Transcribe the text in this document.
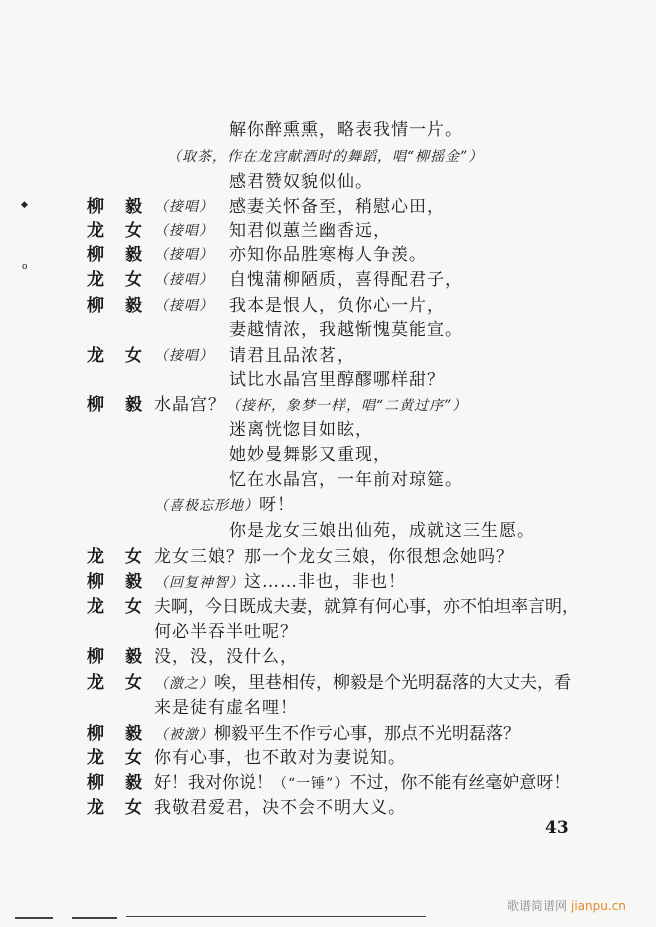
◆
o
解你醉熏熏，略表我情一片。
（取茶，作在龙宫献酒时的舞蹈，唱“柳摇金”）
感君赞奴貌似仙。
柳 毅 （接唱） 感妻关怀备至，稍慰心田，
龙 女 （接唱） 知君似蕙兰幽香远，
柳 毅 （接唱） 亦知你品胜寒梅人争羡。
龙 女 （接唱） 自愧蒲柳陋质，喜得配君子，
柳 毅 （接唱） 我本是恨人，负你心一片，
妻越情浓，我越惭愧莫能宣。
龙 女 （接唱） 请君且品浓茗，
试比水晶宫里醇醪哪样甜？
柳 毅 水晶宫？（接杯，象梦一样，唱“二黄过序”）
迷离恍惚目如眩，
她妙曼舞影又重现，
忆在水晶宫，一年前对琼筵。
（喜极忘形地）呀！
你是龙女三娘出仙苑，成就这三生愿。
龙 女 龙女三娘？那一个龙女三娘，你很想念她吗？
柳 毅 （回复神智）这……非也，非也！
龙 女 夫啊，今日既成夫妻，就算有何心事，亦不怕坦率言明，
何必半吞半吐呢？
柳 毅 没，没，没什么，
龙 女 （激之）唉，里巷相传，柳毅是个光明磊落的大丈夫，看
来是徒有虚名哩！
柳 毅 （被激）柳毅平生不作亏心事，那点不光明磊落？
龙 女 你有心事，也不敢对为妻说知。
柳 毅 好！我对你说！（“一锤”）不过，你不能有丝毫妒意呀！
龙 女 我敬君爱君，决不会不明大义。
43
歌谱简谱网 jianpu.cn
